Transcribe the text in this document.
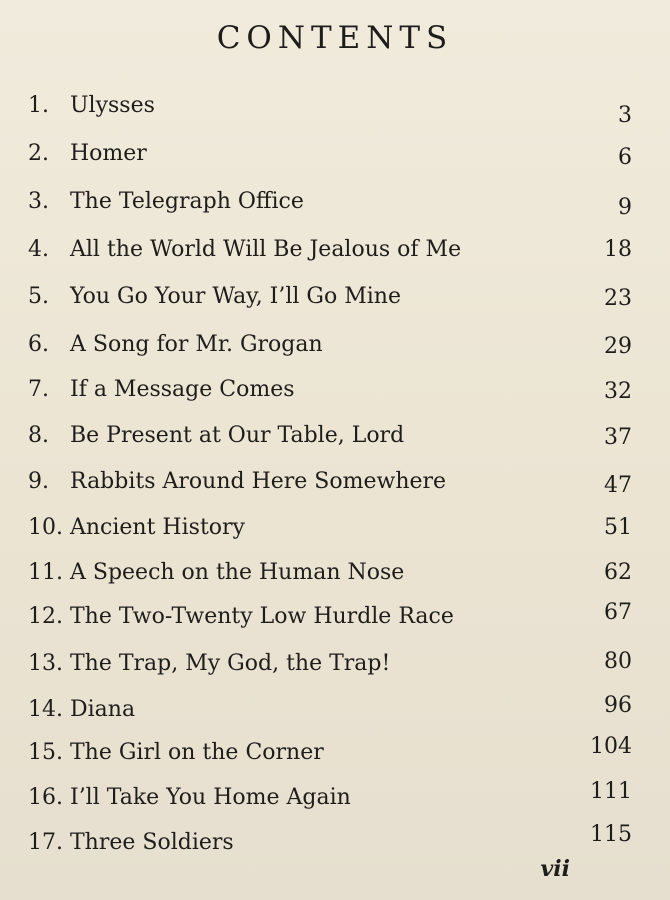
CONTENTS
1. Ulysses	3
2. Homer	6
3. The Telegraph Office	9
4. All the World Will Be Jealous of Me	18
5. You Go Your Way, I’ll Go Mine	23
6. A Song for Mr. Grogan	29
7. If a Message Comes	32
8. Be Present at Our Table, Lord	37
9. Rabbits Around Here Somewhere	47
10. Ancient History	51
11. A Speech on the Human Nose	62
12. The Two-Twenty Low Hurdle Race	67
13. The Trap, My God, the Trap!	80
14. Diana	96
15. The Girl on the Corner	104
16. I’ll Take You Home Again	111
17. Three Soldiers	115
vii
